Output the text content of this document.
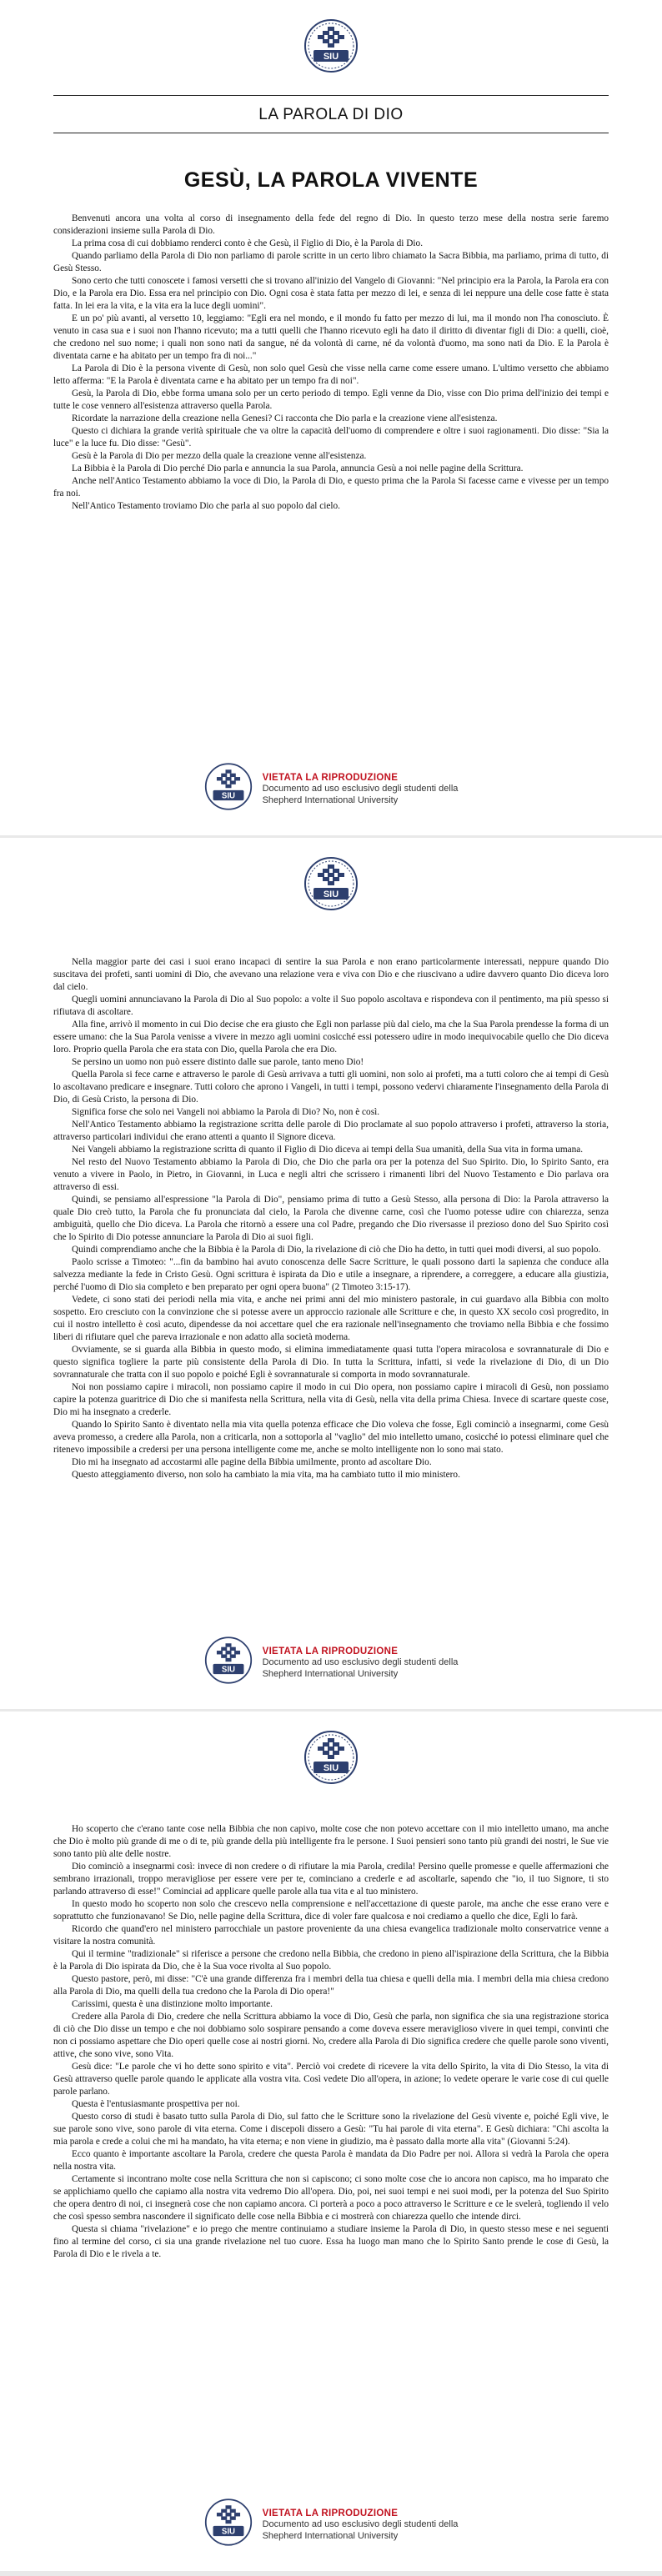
SIU
LA PAROLA DI DIO
GESÙ, LA PAROLA VIVENTE

Benvenuti ancora una volta al corso di insegnamento della fede del regno di Dio. In questo terzo mese della nostra serie faremo considerazioni insieme sulla Parola di Dio.

La prima cosa di cui dobbiamo renderci conto è che Gesù, il Figlio di Dio, è la Parola di Dio.

Quando parliamo della Parola di Dio non parliamo di parole scritte in un certo libro chiamato la Sacra Bibbia, ma parliamo, prima di tutto, di Gesù Stesso.

Sono certo che tutti conoscete i famosi versetti che si trovano all'inizio del Vangelo di Giovanni: "Nel principio era la Parola, la Parola era con Dio, e la Parola era Dio. Essa era nel principio con Dio. Ogni cosa è stata fatta per mezzo di lei, e senza di lei neppure una delle cose fatte è stata fatta. In lei era la vita, e la vita era la luce degli uomini".

E un po' più avanti, al versetto 10, leggiamo: "Egli era nel mondo, e il mondo fu fatto per mezzo di lui, ma il mondo non l'ha conosciuto. È venuto in casa sua e i suoi non l'hanno ricevuto; ma a tutti quelli che l'hanno ricevuto egli ha dato il diritto di diventar figli di Dio: a quelli, cioè, che credono nel suo nome; i quali non sono nati da sangue, né da volontà di carne, né da volontà d'uomo, ma sono nati da Dio. E la Parola è diventata carne e ha abitato per un tempo fra di noi..."

La Parola di Dio è la persona vivente di Gesù, non solo quel Gesù che visse nella carne come essere umano. L'ultimo versetto che abbiamo letto afferma: "E la Parola è diventata carne e ha abitato per un tempo fra di noi".

Gesù, la Parola di Dio, ebbe forma umana solo per un certo periodo di tempo. Egli venne da Dio, visse con Dio prima dell'inizio dei tempi e tutte le cose vennero all'esistenza attraverso quella Parola.

Ricordate la narrazione della creazione nella Genesi? Ci racconta che Dio parla e la creazione viene all'esistenza.

Questo ci dichiara la grande verità spirituale che va oltre la capacità dell'uomo di comprendere e oltre i suoi ragionamenti. Dio disse: "Sia la luce" e la luce fu. Dio disse: "Gesù".

Gesù è la Parola di Dio per mezzo della quale la creazione venne all'esistenza.

La Bibbia è la Parola di Dio perché Dio parla e annuncia la sua Parola, annuncia Gesù a noi nelle pagine della Scrittura.

Anche nell'Antico Testamento abbiamo la voce di Dio, la Parola di Dio, e questo prima che la Parola Si facesse carne e vivesse per un tempo fra noi.

Nell'Antico Testamento troviamo Dio che parla al suo popolo dal cielo.

SIU
VIETATA LA RIPRODUZIONE
Documento ad uso esclusivo degli studenti della
Shepherd International University
SIU

Nella maggior parte dei casi i suoi erano incapaci di sentire la sua Parola e non erano particolarmente interessati, neppure quando Dio suscitava dei profeti, santi uomini di Dio, che avevano una relazione vera e viva con Dio e che riuscivano a udire davvero quanto Dio diceva loro dal cielo.

Quegli uomini annunciavano la Parola di Dio al Suo popolo: a volte il Suo popolo ascoltava e rispondeva con il pentimento, ma più spesso si rifiutava di ascoltare.

Alla fine, arrivò il momento in cui Dio decise che era giusto che Egli non parlasse più dal cielo, ma che la Sua Parola prendesse la forma di un essere umano: che la Sua Parola venisse a vivere in mezzo agli uomini cosicché essi potessero udire in modo inequivocabile quello che Dio diceva loro. Proprio quella Parola che era stata con Dio, quella Parola che era Dio.

Se persino un uomo non può essere distinto dalle sue parole, tanto meno Dio!

Quella Parola si fece carne e attraverso le parole di Gesù arrivava a tutti gli uomini, non solo ai profeti, ma a tutti coloro che ai tempi di Gesù lo ascoltavano predicare e insegnare. Tutti coloro che aprono i Vangeli, in tutti i tempi, possono vedervi chiaramente l'insegnamento della Parola di Dio, di Gesù Cristo, la persona di Dio.

Significa forse che solo nei Vangeli noi abbiamo la Parola di Dio? No, non è così.

Nell'Antico Testamento abbiamo la registrazione scritta delle parole di Dio proclamate al suo popolo attraverso i profeti, attraverso la storia, attraverso particolari individui che erano attenti a quanto il Signore diceva.

Nei Vangeli abbiamo la registrazione scritta di quanto il Figlio di Dio diceva ai tempi della Sua umanità, della Sua vita in forma umana.

Nel resto del Nuovo Testamento abbiamo la Parola di Dio, che Dio che parla ora per la potenza del Suo Spirito. Dio, lo Spirito Santo, era venuto a vivere in Paolo, in Pietro, in Giovanni, in Luca e negli altri che scrissero i rimanenti libri del Nuovo Testamento e Dio parlava ora attraverso di essi.

Quindi, se pensiamo all'espressione "la Parola di Dio", pensiamo prima di tutto a Gesù Stesso, alla persona di Dio: la Parola attraverso la quale Dio creò tutto, la Parola che fu pronunciata dal cielo, la Parola che divenne carne, così che l'uomo potesse udire con chiarezza, senza ambiguità, quello che Dio diceva. La Parola che ritornò a essere una col Padre, pregando che Dio riversasse il prezioso dono del Suo Spirito così che lo Spirito di Dio potesse annunciare la Parola di Dio ai suoi figli.

Quindi comprendiamo anche che la Bibbia è la Parola di Dio, la rivelazione di ciò che Dio ha detto, in tutti quei modi diversi, al suo popolo.

Paolo scrisse a Timoteo: "...fin da bambino hai avuto conoscenza delle Sacre Scritture, le quali possono darti la sapienza che conduce alla salvezza mediante la fede in Cristo Gesù. Ogni scrittura è ispirata da Dio e utile a insegnare, a riprendere, a correggere, a educare alla giustizia, perché l'uomo di Dio sia completo e ben preparato per ogni opera buona" (2 Timoteo 3:15-17).

Vedete, ci sono stati dei periodi nella mia vita, e anche nei primi anni del mio ministero pastorale, in cui guardavo alla Bibbia con molto sospetto. Ero cresciuto con la convinzione che si potesse avere un approccio razionale alle Scritture e che, in questo XX secolo così progredito, in cui il nostro intelletto è così acuto, dipendesse da noi accettare quel che era razionale nell'insegnamento che troviamo nella Bibbia e che fossimo liberi di rifiutare quel che pareva irrazionale e non adatto alla società moderna.

Ovviamente, se si guarda alla Bibbia in questo modo, si elimina immediatamente quasi tutta l'opera miracolosa e sovrannaturale di Dio e questo significa togliere la parte più consistente della Parola di Dio. In tutta la Scrittura, infatti, si vede la rivelazione di Dio, di un Dio sovrannaturale che tratta con il suo popolo e poiché Egli è sovrannaturale si comporta in modo sovrannaturale.

Noi non possiamo capire i miracoli, non possiamo capire il modo in cui Dio opera, non possiamo capire i miracoli di Gesù, non possiamo capire la potenza guaritrice di Dio che si manifesta nella Scrittura, nella vita di Gesù, nella vita della prima Chiesa. Invece di scartare queste cose, Dio mi ha insegnato a crederle.

Quando lo Spirito Santo è diventato nella mia vita quella potenza efficace che Dio voleva che fosse, Egli cominciò a insegnarmi, come Gesù aveva promesso, a credere alla Parola, non a criticarla, non a sottoporla al "vaglio" del mio intelletto umano, cosicché io potessi eliminare quel che ritenevo impossibile a credersi per una persona intelligente come me, anche se molto intelligente non lo sono mai stato.

Dio mi ha insegnato ad accostarmi alle pagine della Bibbia umilmente, pronto ad ascoltare Dio.

Questo atteggiamento diverso, non solo ha cambiato la mia vita, ma ha cambiato tutto il mio ministero.

SIU
VIETATA LA RIPRODUZIONE
Documento ad uso esclusivo degli studenti della
Shepherd International University
SIU

Ho scoperto che c'erano tante cose nella Bibbia che non capivo, molte cose che non potevo accettare con il mio intelletto umano, ma anche che Dio è molto più grande di me o di te, più grande della più intelligente fra le persone. I Suoi pensieri sono tanto più grandi dei nostri, le Sue vie sono tanto più alte delle nostre.

Dio cominciò a insegnarmi così: invece di non credere o di rifiutare la mia Parola, credila! Persino quelle promesse e quelle affermazioni che sembrano irrazionali, troppo meravigliose per essere vere per te, cominciano a crederle e ad ascoltarle, sapendo che "io, il tuo Signore, ti sto parlando attraverso di esse!" Cominciai ad applicare quelle parole alla tua vita e al tuo ministero.

In questo modo ho scoperto non solo che crescevo nella comprensione e nell'accettazione di queste parole, ma anche che esse erano vere e soprattutto che funzionavano! Se Dio, nelle pagine della Scrittura, dice di voler fare qualcosa e noi crediamo a quello che dice, Egli lo farà.

Ricordo che quand'ero nel ministero parrocchiale un pastore proveniente da una chiesa evangelica tradizionale molto conservatrice venne a visitare la nostra comunità.

Qui il termine "tradizionale" si riferisce a persone che credono nella Bibbia, che credono in pieno all'ispirazione della Scrittura, che la Bibbia è la Parola di Dio ispirata da Dio, che è la Sua voce rivolta al Suo popolo.

Questo pastore, però, mi disse: "C'è una grande differenza fra i membri della tua chiesa e quelli della mia. I membri della mia chiesa credono alla Parola di Dio, ma quelli della tua credono che la Parola di Dio opera!"

Carissimi, questa è una distinzione molto importante.

Credere alla Parola di Dio, credere che nella Scrittura abbiamo la voce di Dio, Gesù che parla, non significa che sia una registrazione storica di ciò che Dio disse un tempo e che noi dobbiamo solo sospirare pensando a come doveva essere meraviglioso vivere in quei tempi, convinti che non ci possiamo aspettare che Dio operi quelle cose ai nostri giorni. No, credere alla Parola di Dio significa credere che quelle parole sono viventi, attive, che sono vive, sono Vita.

Gesù dice: "Le parole che vi ho dette sono spirito e vita". Perciò voi credete di ricevere la vita dello Spirito, la vita di Dio Stesso, la vita di Gesù attraverso quelle parole quando le applicate alla vostra vita. Così vedete Dio all'opera, in azione; lo vedete operare le varie cose di cui quelle parole parlano.

Questa è l'entusiasmante prospettiva per noi.

Questo corso di studi è basato tutto sulla Parola di Dio, sul fatto che le Scritture sono la rivelazione del Gesù vivente e, poiché Egli vive, le sue parole sono vive, sono parole di vita eterna. Come i discepoli dissero a Gesù: "Tu hai parole di vita eterna". E Gesù dichiara: "Chi ascolta la mia parola e crede a colui che mi ha mandato, ha vita eterna; e non viene in giudizio, ma è passato dalla morte alla vita" (Giovanni 5:24).

Ecco quanto è importante ascoltare la Parola, credere che questa Parola è mandata da Dio Padre per noi. Allora si vedrà la Parola che opera nella nostra vita.

Certamente si incontrano molte cose nella Scrittura che non si capiscono; ci sono molte cose che io ancora non capisco, ma ho imparato che se applichiamo quello che capiamo alla nostra vita vedremo Dio all'opera. Dio, poi, nei suoi tempi e nei suoi modi, per la potenza del Suo Spirito che opera dentro di noi, ci insegnerà cose che non capiamo ancora. Ci porterà a poco a poco attraverso le Scritture e ce le svelerà, togliendo il velo che così spesso sembra nascondere il significato delle cose nella Bibbia e ci mostrerà con chiarezza quello che intende dirci.

Questa si chiama "rivelazione" e io prego che mentre continuiamo a studiare insieme la Parola di Dio, in questo stesso mese e nei seguenti fino al termine del corso, ci sia una grande rivelazione nel tuo cuore. Essa ha luogo man mano che lo Spirito Santo prende le cose di Gesù, la Parola di Dio e le rivela a te.

SIU
VIETATA LA RIPRODUZIONE
Documento ad uso esclusivo degli studenti della
Shepherd International University
